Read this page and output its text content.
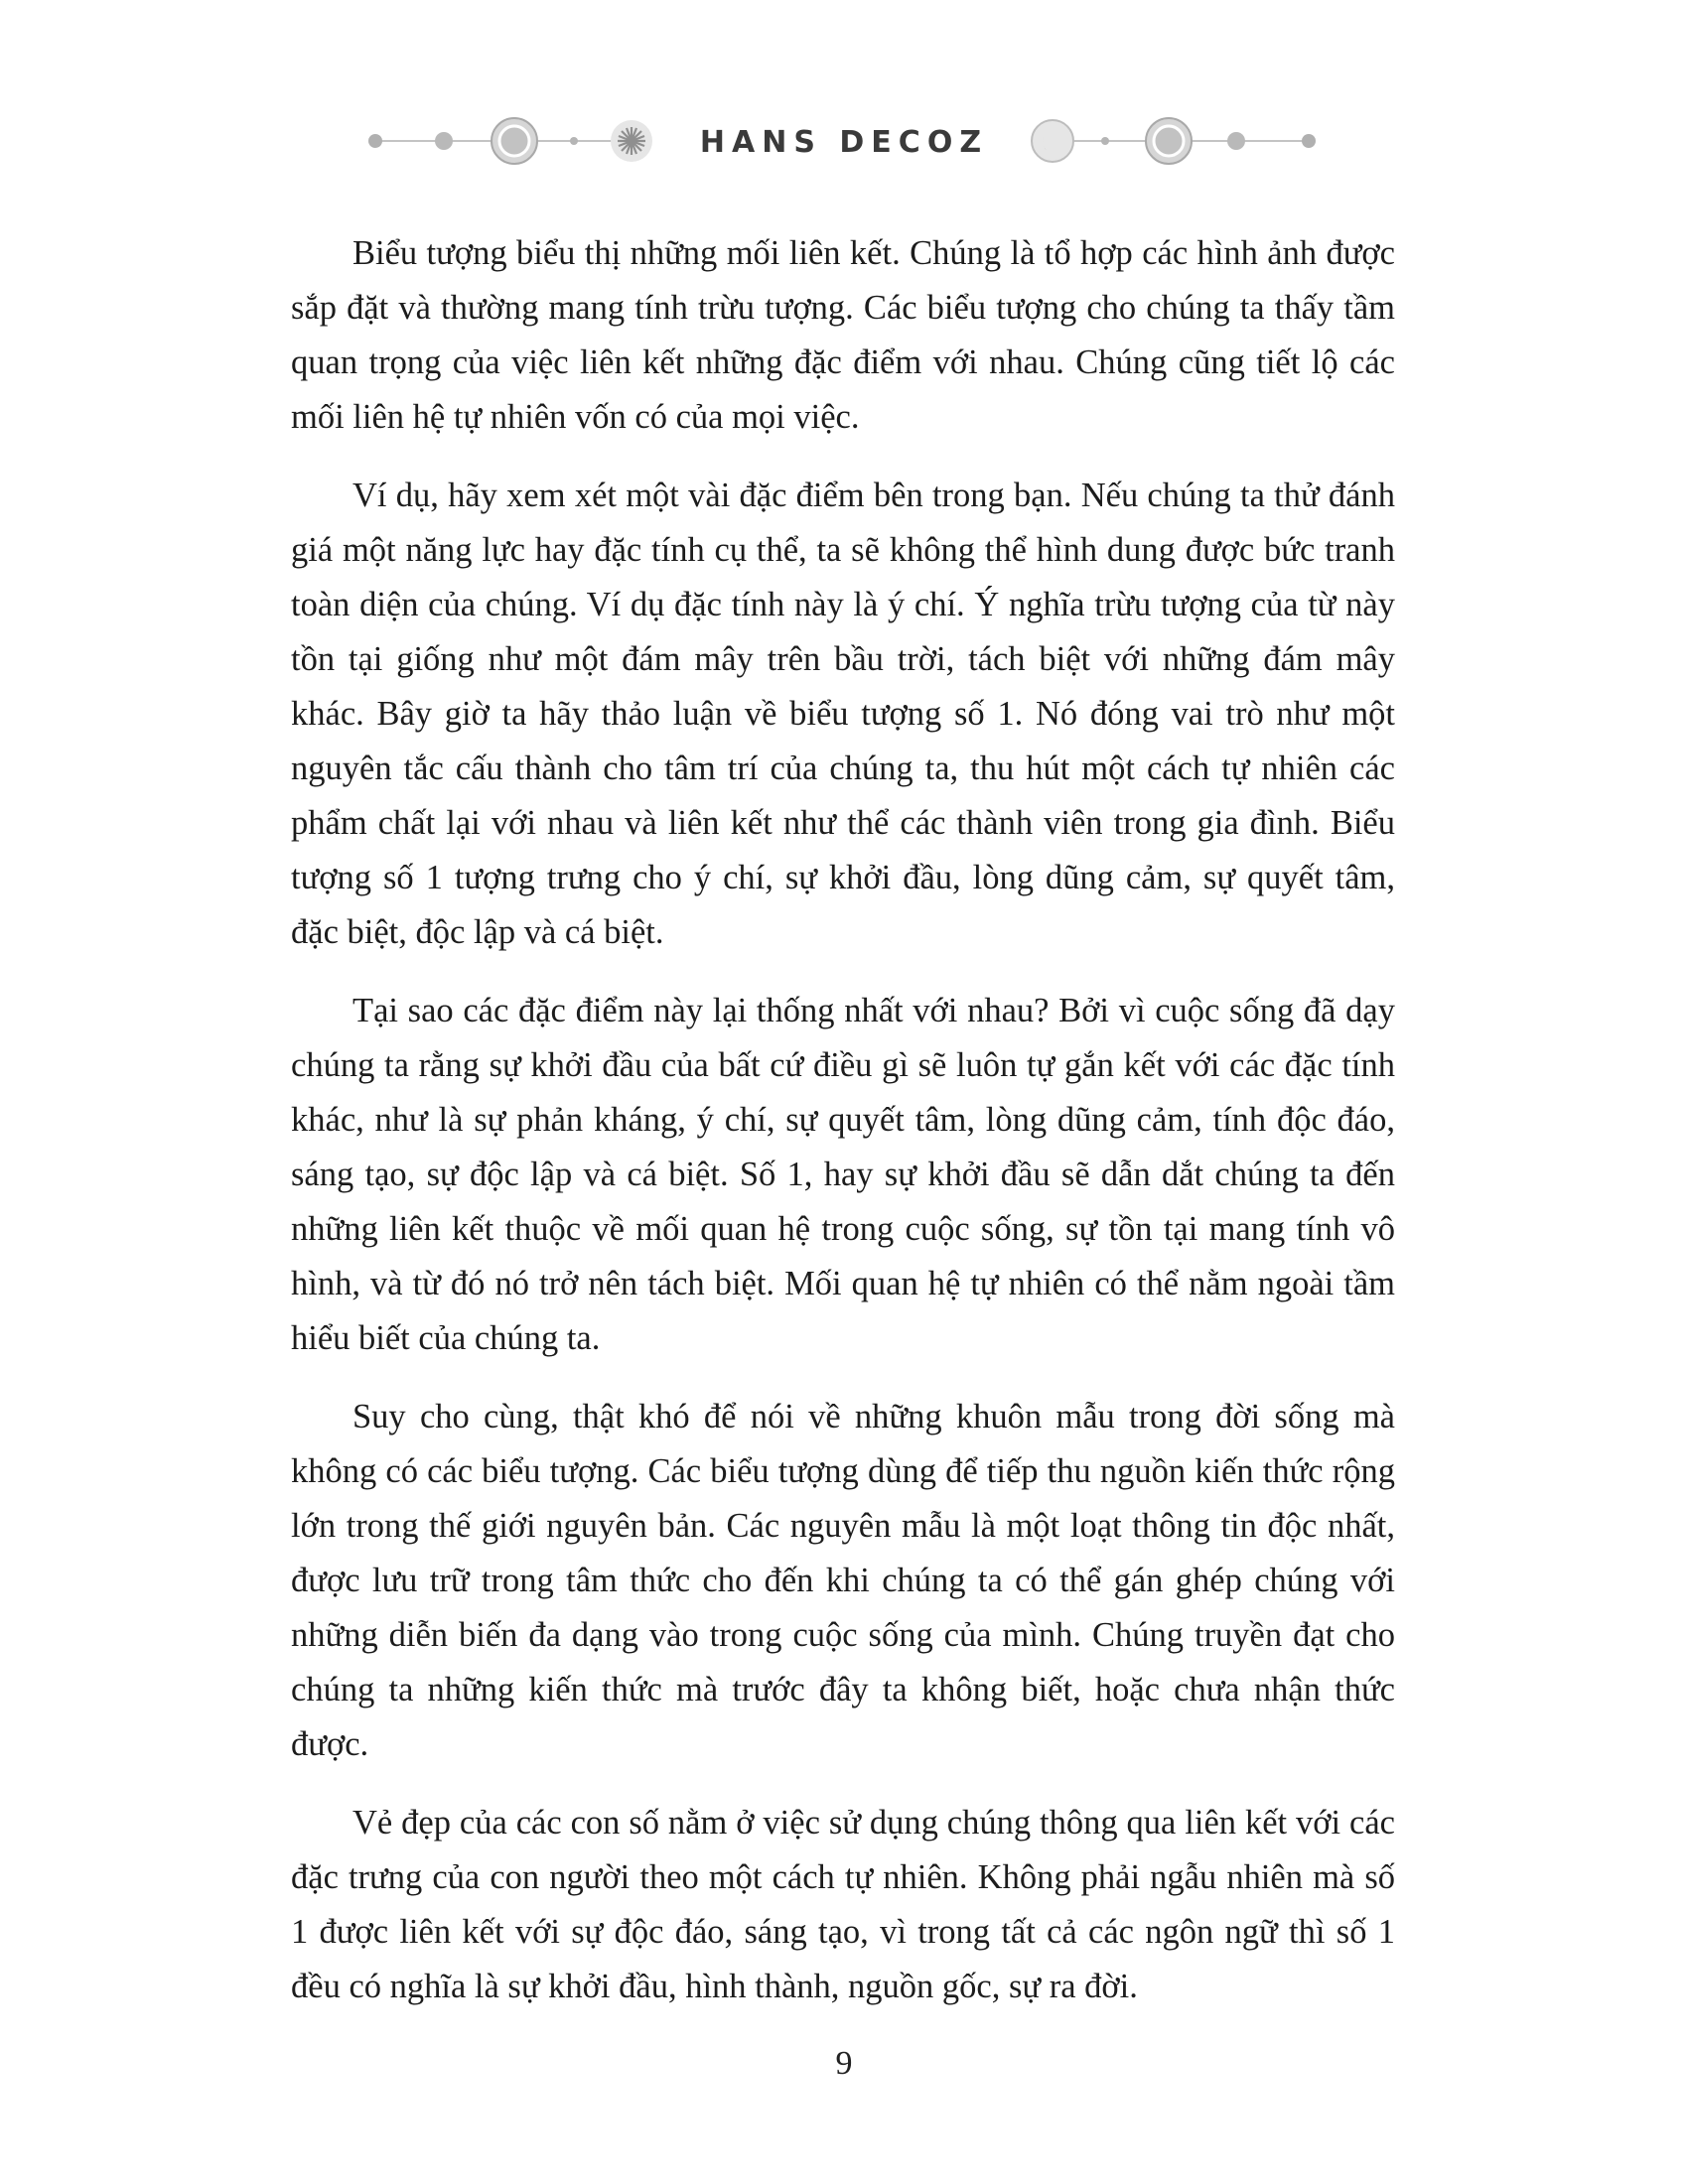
HANS DECOZ

Biểu tượng biểu thị những mối liên kết. Chúng là tổ hợp các hình ảnh được sắp đặt và thường mang tính trừu tượng. Các biểu tượng cho chúng ta thấy tầm quan trọng của việc liên kết những đặc điểm với nhau. Chúng cũng tiết lộ các mối liên hệ tự nhiên vốn có của mọi việc.

Ví dụ, hãy xem xét một vài đặc điểm bên trong bạn. Nếu chúng ta thử đánh giá một năng lực hay đặc tính cụ thể, ta sẽ không thể hình dung được bức tranh toàn diện của chúng. Ví dụ đặc tính này là ý chí. Ý nghĩa trừu tượng của từ này tồn tại giống như một đám mây trên bầu trời, tách biệt với những đám mây khác. Bây giờ ta hãy thảo luận về biểu tượng số 1. Nó đóng vai trò như một nguyên tắc cấu thành cho tâm trí của chúng ta, thu hút một cách tự nhiên các phẩm chất lại với nhau và liên kết như thể các thành viên trong gia đình. Biểu tượng số 1 tượng trưng cho ý chí, sự khởi đầu, lòng dũng cảm, sự quyết tâm, đặc biệt, độc lập và cá biệt.

Tại sao các đặc điểm này lại thống nhất với nhau? Bởi vì cuộc sống đã dạy chúng ta rằng sự khởi đầu của bất cứ điều gì sẽ luôn tự gắn kết với các đặc tính khác, như là sự phản kháng, ý chí, sự quyết tâm, lòng dũng cảm, tính độc đáo, sáng tạo, sự độc lập và cá biệt. Số 1, hay sự khởi đầu sẽ dẫn dắt chúng ta đến những liên kết thuộc về mối quan hệ trong cuộc sống, sự tồn tại mang tính vô hình, và từ đó nó trở nên tách biệt. Mối quan hệ tự nhiên có thể nằm ngoài tầm hiểu biết của chúng ta.

Suy cho cùng, thật khó để nói về những khuôn mẫu trong đời sống mà không có các biểu tượng. Các biểu tượng dùng để tiếp thu nguồn kiến thức rộng lớn trong thế giới nguyên bản. Các nguyên mẫu là một loạt thông tin độc nhất, được lưu trữ trong tâm thức cho đến khi chúng ta có thể gán ghép chúng với những diễn biến đa dạng vào trong cuộc sống của mình. Chúng truyền đạt cho chúng ta những kiến thức mà trước đây ta không biết, hoặc chưa nhận thức được.

Vẻ đẹp của các con số nằm ở việc sử dụng chúng thông qua liên kết với các đặc trưng của con người theo một cách tự nhiên. Không phải ngẫu nhiên mà số 1 được liên kết với sự độc đáo, sáng tạo, vì trong tất cả các ngôn ngữ thì số 1 đều có nghĩa là sự khởi đầu, hình thành, nguồn gốc, sự ra đời.

9
